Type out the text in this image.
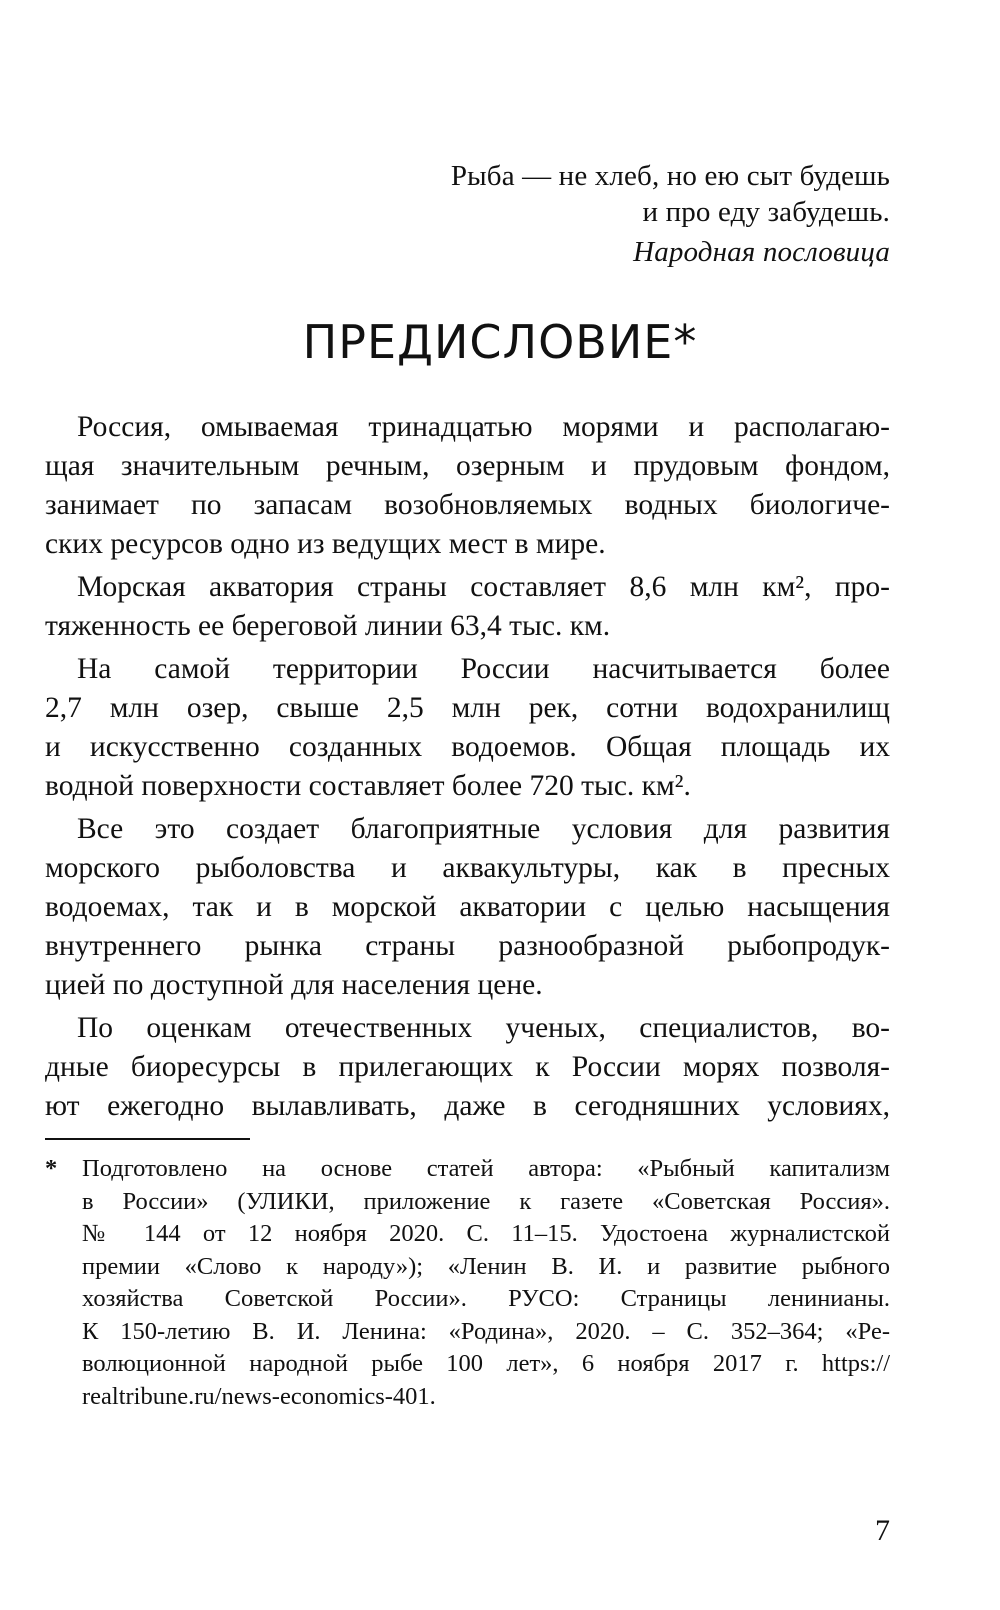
Рыба — не хлеб, но ею сыт будешь
и про еду забудешь.
Народная пословица
ПРЕДИСЛОВИЕ*

Россия, омываемая тринадцатью морями и располагаю-
щая значительным речным, озерным и прудовым фондом,
занимает по запасам возобновляемых водных биологиче-
ских ресурсов одно из ведущих мест в мире.

Морская акватория страны составляет 8,6 млн км², про-
тяженность ее береговой линии 63,4 тыс. км.

На самой территории России насчитывается более
2,7 млн озер, свыше 2,5 млн рек, сотни водохранилищ
и искусственно созданных водоемов. Общая площадь их
водной поверхности составляет более 720 тыс. км².

Все это создает благоприятные условия для развития
морского рыболовства и аквакультуры, как в пресных
водоемах, так и в морской акватории с целью насыщения
внутреннего рынка страны разнообразной рыбопродук-
цией по доступной для населения цене.

По оценкам отечественных ученых, специалистов, во-
дные биоресурсы в прилегающих к России морях позволя-
ют ежегодно вылавливать, даже в сегодняшних условиях,

*	Подготовлено на основе статей автора: «Рыбный капитализм
в России» (УЛИКИ, приложение к газете «Советская Россия».
№ 144 от 12 ноября 2020. С. 11–15. Удостоена журналистской
премии «Слово к народу»); «Ленин В. И. и развитие рыбного
хозяйства Советской России». РУСО: Страницы ленинианы.
К 150-летию В. И. Ленина: «Родина», 2020. – С. 352–364; «Ре-
волюционной народной рыбе 100 лет», 6 ноября 2017 г. https://
realtribune.ru/news-economics-401.
7
